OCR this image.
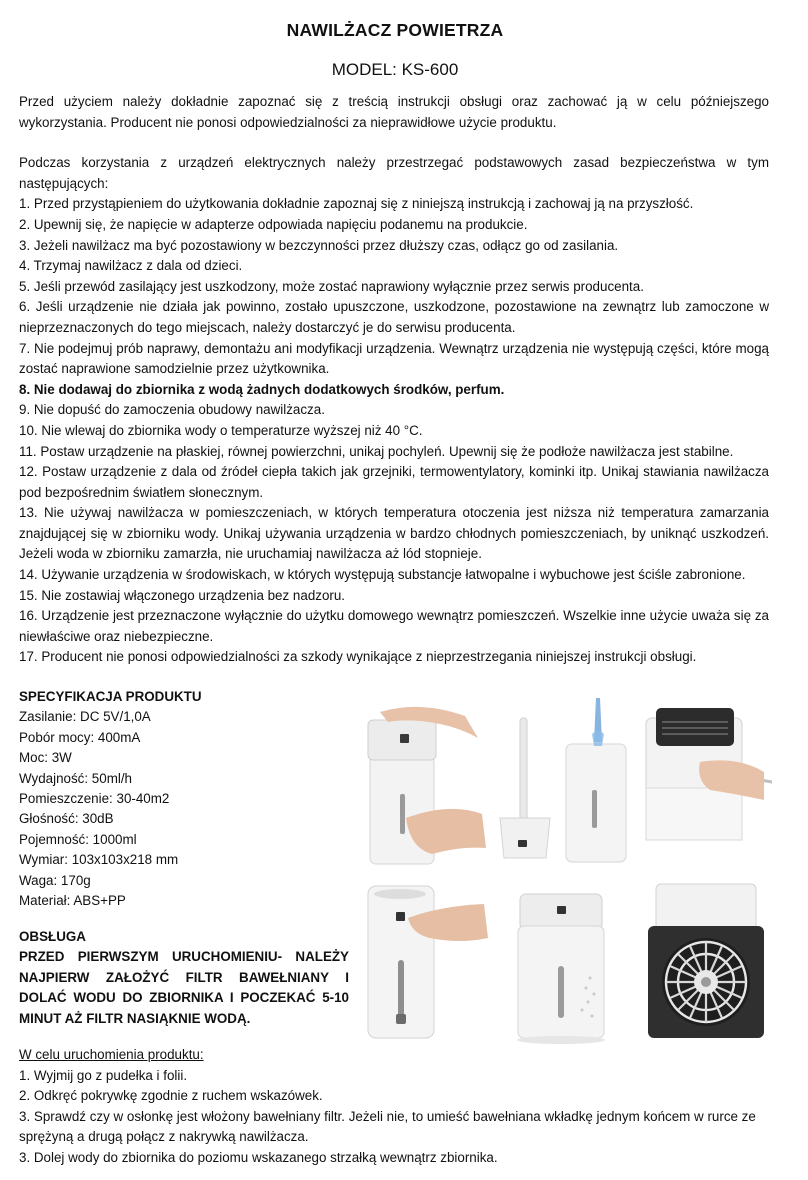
NAWILŻACZ POWIETRZA
MODEL: KS-600

Przed użyciem należy dokładnie zapoznać się z treścią instrukcji obsługi oraz zachować ją w celu późniejszego wykorzystania. Producent nie ponosi odpowiedzialności za nieprawidłowe użycie produktu.

Podczas korzystania z urządzeń elektrycznych należy przestrzegać podstawowych zasad bezpieczeństwa w tym następujących:

1. Przed przystąpieniem do użytkowania dokładnie zapoznaj się z niniejszą instrukcją i zachowaj ją na przyszłość.

2. Upewnij się, że napięcie w adapterze odpowiada napięciu podanemu na produkcie.

3. Jeżeli nawilżacz ma być pozostawiony w bezczynności przez dłuższy czas, odłącz go od zasilania.

4. Trzymaj nawilżacz z dala od dzieci.

5. Jeśli przewód zasilający jest uszkodzony, może zostać naprawiony wyłącznie przez serwis producenta.

6. Jeśli urządzenie nie działa jak powinno, zostało upuszczone, uszkodzone, pozostawione na zewnątrz lub zamoczone w nieprzeznaczonych do tego miejscach, należy dostarczyć je do serwisu producenta.

7. Nie podejmuj prób naprawy, demontażu ani modyfikacji urządzenia. Wewnątrz urządzenia nie występują części, które mogą zostać naprawione samodzielnie przez użytkownika.

8. Nie dodawaj do zbiornika z wodą żadnych dodatkowych środków, perfum.

9. Nie dopuść do zamoczenia obudowy nawilżacza.

10. Nie wlewaj do zbiornika wody o temperaturze wyższej niż 40 °C.

11. Postaw urządzenie na płaskiej, równej powierzchni, unikaj pochyleń. Upewnij się że podłoże nawilżacza jest stabilne.

12. Postaw urządzenie z dala od źródeł ciepła takich jak grzejniki, termowentylatory, kominki itp. Unikaj stawiania nawilżacza pod bezpośrednim światłem słonecznym.

13. Nie używaj nawilżacza w pomieszczeniach, w których temperatura otoczenia jest niższa niż temperatura zamarzania znajdującej się w zbiorniku wody. Unikaj używania urządzenia w bardzo chłodnych pomieszczeniach, by uniknąć uszkodzeń. Jeżeli woda w zbiorniku zamarzła, nie uruchamiaj nawilżacza aż lód stopnieje.

14. Używanie urządzenia w środowiskach, w których występują substancje łatwopalne i wybuchowe jest ściśle zabronione.

15. Nie zostawiaj włączonego urządzenia bez nadzoru.

16. Urządzenie jest przeznaczone wyłącznie do użytku domowego wewnątrz pomieszczeń. Wszelkie inne użycie uważa się za niewłaściwe oraz niebezpieczne.

17. Producent nie ponosi odpowiedzialności za szkody wynikające z nieprzestrzegania niniejszej instrukcji obsługi.

SPECYFIKACJA PRODUKTU
Zasilanie: DC 5V/1,0A
Pobór mocy: 400mA
Moc: 3W
Wydajność: 50ml/h
Pomieszczenie: 30-40m2
Głośność: 30dB
Pojemność: 1000ml
Wymiar: 103x103x218 mm
Waga: 170g
Materiał: ABS+PP
OBSŁUGA
PRZED PIERWSZYM URUCHOMIENIU- NALEŻY NAJPIERW ZAŁOŻYĆ FILTR BAWEŁNIANY I DOLAĆ WODU DO ZBIORNIKA I POCZEKAĆ 5-10 MINUT AŻ FILTR NASIĄKNIE WODĄ.

W celu uruchomienia produktu:

1. Wyjmij go z pudełka i folii.

2. Odkręć pokrywkę zgodnie z ruchem wskazówek.

3. Sprawdź czy w osłonkę jest włożony bawełniany filtr. Jeżeli nie, to umieść bawełniana wkładkę jednym końcem w rurce ze sprężyną a drugą połącz z nakrywką nawilżacza.

3. Dolej wody do zbiornika do poziomu wskazanego strzałką wewnątrz zbiornika.
